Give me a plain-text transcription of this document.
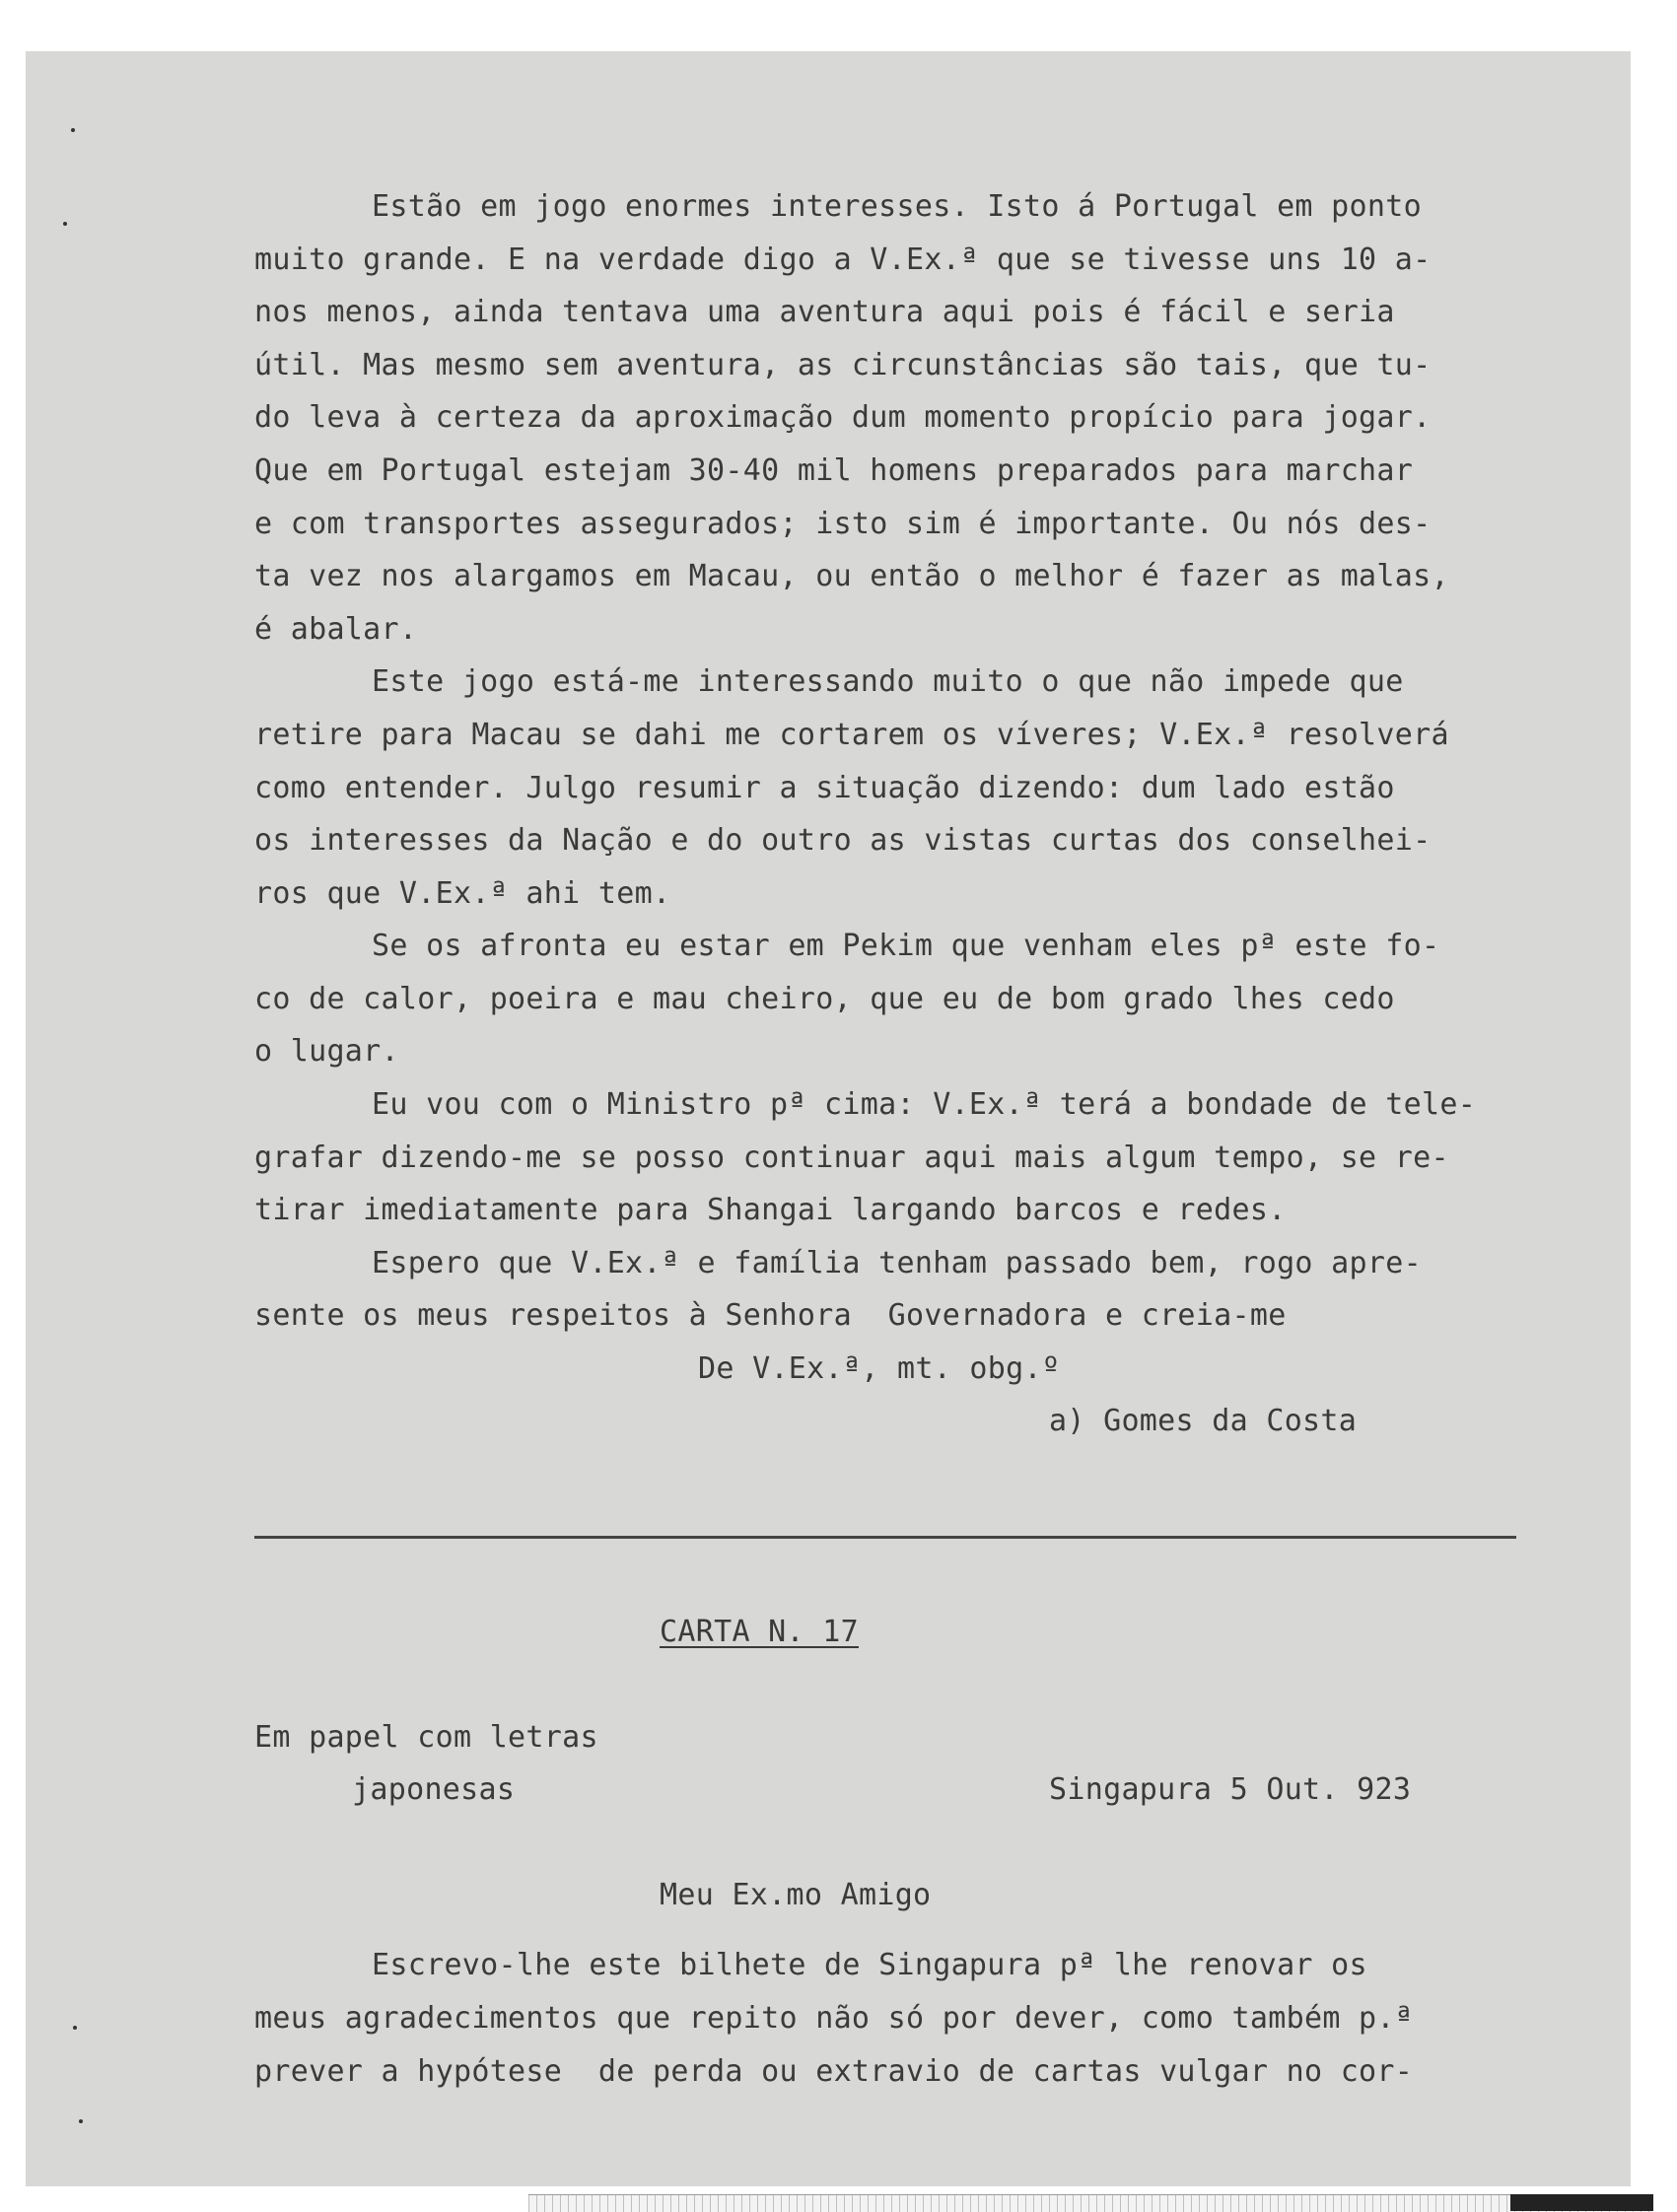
Estão em jogo enormes interesses. Isto á Portugal em ponto
muito grande. E na verdade digo a V.Ex.ª que se tivesse uns 10 a-
nos menos, ainda tentava uma aventura aqui pois é fácil e seria
útil. Mas mesmo sem aventura, as circunstâncias são tais, que tu-
do leva à certeza da aproximação dum momento propício para jogar.
Que em Portugal estejam 30-40 mil homens preparados para marchar
e com transportes assegurados; isto sim é importante. Ou nós des-
ta vez nos alargamos em Macau, ou então o melhor é fazer as malas,
é abalar.
Este jogo está-me interessando muito o que não impede que
retire para Macau se dahi me cortarem os víveres; V.Ex.ª resolverá
como entender. Julgo resumir a situação dizendo: dum lado estão
os interesses da Nação e do outro as vistas curtas dos conselhei-
ros que V.Ex.ª ahi tem.
Se os afronta eu estar em Pekim que venham eles pª este fo-
co de calor, poeira e mau cheiro, que eu de bom grado lhes cedo
o lugar.
Eu vou com o Ministro pª cima: V.Ex.ª terá a bondade de tele-
grafar dizendo-me se posso continuar aqui mais algum tempo, se re-
tirar imediatamente para Shangai largando barcos e redes.
Espero que V.Ex.ª e família tenham passado bem, rogo apre-
sente os meus respeitos à Senhora  Governadora e creia-me
De V.Ex.ª, mt. obg.º
a) Gomes da Costa
CARTA N. 17
Em papel com letras
japonesas	Singapura 5 Out. 923
Meu Ex.mo Amigo
Escrevo-lhe este bilhete de Singapura pª lhe renovar os
meus agradecimentos que repito não só por dever, como também p.ª
prever a hypótese  de perda ou extravio de cartas vulgar no cor-
